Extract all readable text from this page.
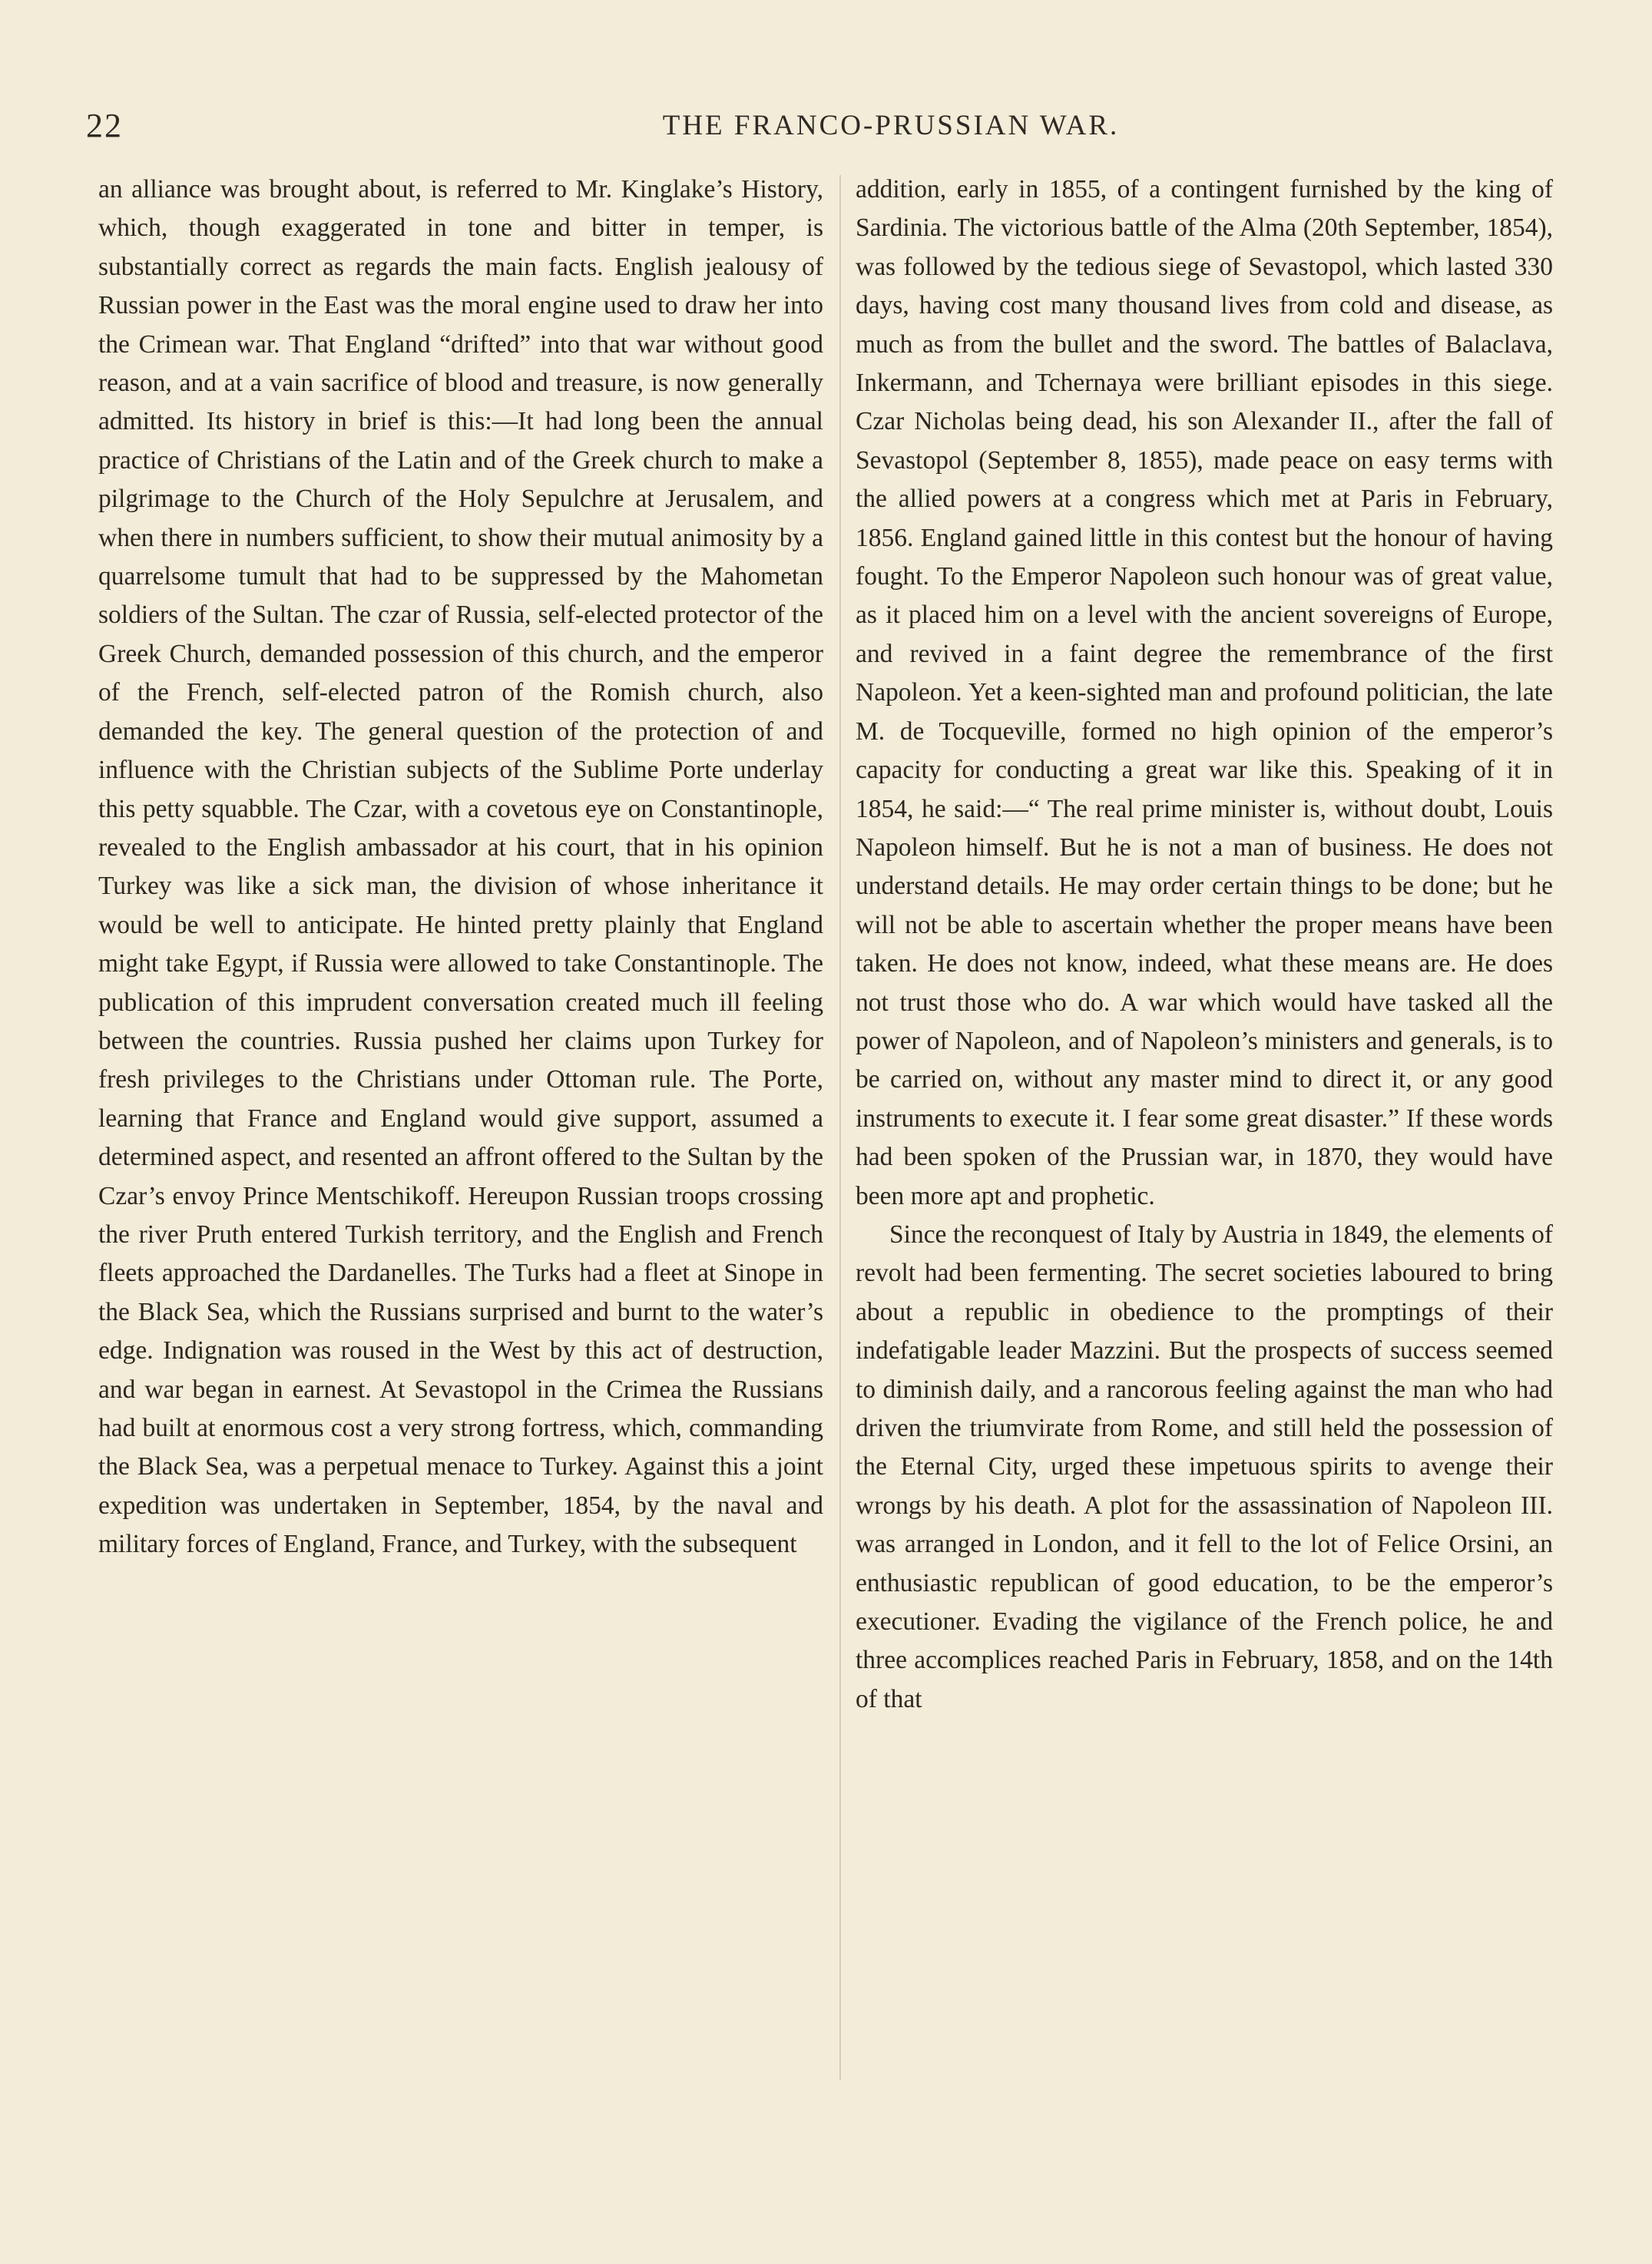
22	THE FRANCO-PRUSSIAN WAR.

an alliance was brought about, is referred to Mr. Kinglake’s History, which, though exaggerated in tone and bitter in temper, is substantially correct as regards the main facts. English jealousy of Russian power in the East was the moral engine used to draw her into the Crimean war. That England “drifted” into that war without good reason, and at a vain sacrifice of blood and treasure, is now generally admitted. Its history in brief is this:—It had long been the annual practice of Christians of the Latin and of the Greek church to make a pilgrimage to the Church of the Holy Sepulchre at Jerusalem, and when there in numbers sufficient, to show their mutual animosity by a quarrelsome tumult that had to be suppressed by the Mahometan soldiers of the Sultan. The czar of Russia, self-elected protector of the Greek Church, demanded possession of this church, and the emperor of the French, self-elected patron of the Romish church, also demanded the key. The general question of the protection of and influence with the Christian subjects of the Sublime Porte underlay this petty squabble. The Czar, with a covetous eye on Constantinople, revealed to the English ambassador at his court, that in his opinion Turkey was like a sick man, the division of whose inheritance it would be well to anticipate. He hinted pretty plainly that England might take Egypt, if Russia were allowed to take Constantinople. The publication of this imprudent conversation created much ill feeling between the countries. Russia pushed her claims upon Turkey for fresh privileges to the Christians under Ottoman rule. The Porte, learning that France and England would give support, assumed a determined aspect, and resented an affront offered to the Sultan by the Czar’s envoy Prince Mentschikoff. Hereupon Russian troops crossing the river Pruth entered Turkish territory, and the English and French fleets approached the Dardanelles. The Turks had a fleet at Sinope in the Black Sea, which the Russians surprised and burnt to the water’s edge. Indignation was roused in the West by this act of destruction, and war began in earnest. At Sevastopol in the Crimea the Russians had built at enormous cost a very strong fortress, which, commanding the Black Sea, was a perpetual menace to Turkey. Against this a joint expedition was undertaken in September, 1854, by the naval and military forces of England, France, and Turkey, with the subsequent

addition, early in 1855, of a contingent furnished by the king of Sardinia. The victorious battle of the Alma (20th September, 1854), was followed by the tedious siege of Sevastopol, which lasted 330 days, having cost many thousand lives from cold and disease, as much as from the bullet and the sword. The battles of Balaclava, Inkermann, and Tchernaya were brilliant episodes in this siege. Czar Nicholas being dead, his son Alexander II., after the fall of Sevastopol (September 8, 1855), made peace on easy terms with the allied powers at a congress which met at Paris in February, 1856. England gained little in this contest but the honour of having fought. To the Emperor Napoleon such honour was of great value, as it placed him on a level with the ancient sovereigns of Europe, and revived in a faint degree the remembrance of the first Napoleon. Yet a keen-sighted man and profound politician, the late M. de Tocqueville, formed no high opinion of the emperor’s capacity for conducting a great war like this. Speaking of it in 1854, he said:—“ The real prime minister is, without doubt, Louis Napoleon himself. But he is not a man of business. He does not understand details. He may order certain things to be done; but he will not be able to ascertain whether the proper means have been taken. He does not know, indeed, what these means are. He does not trust those who do. A war which would have tasked all the power of Napoleon, and of Napoleon’s ministers and generals, is to be carried on, without any master mind to direct it, or any good instruments to execute it. I fear some great disaster.” If these words had been spoken of the Prussian war, in 1870, they would have been more apt and prophetic.

Since the reconquest of Italy by Austria in 1849, the elements of revolt had been fermenting. The secret societies laboured to bring about a republic in obedience to the promptings of their indefatigable leader Mazzini. But the prospects of success seemed to diminish daily, and a rancorous feeling against the man who had driven the triumvirate from Rome, and still held the possession of the Eternal City, urged these impetuous spirits to avenge their wrongs by his death. A plot for the assassination of Napoleon III. was arranged in London, and it fell to the lot of Felice Orsini, an enthusiastic republican of good education, to be the emperor’s executioner. Evading the vigilance of the French police, he and three accomplices reached Paris in February, 1858, and on the 14th of that
